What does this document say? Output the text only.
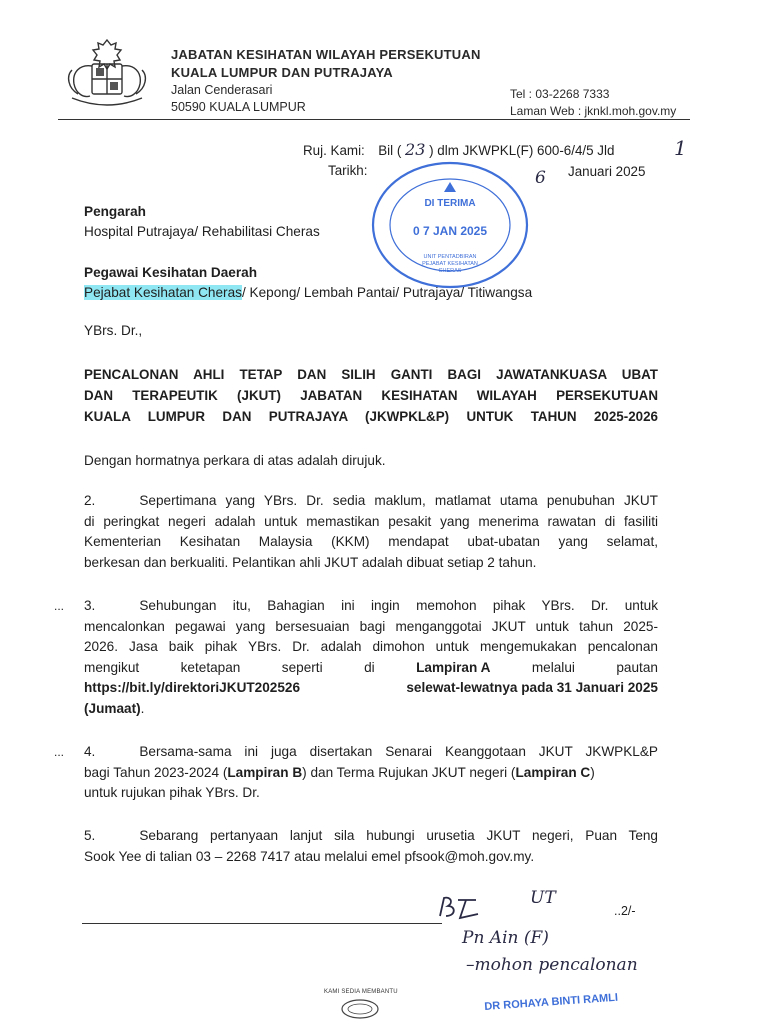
JABATAN KESIHATAN WILAYAH PERSEKUTUAN
KUALA LUMPUR DAN PUTRAJAYA
Jalan Cenderasari
50590 KUALA LUMPUR
Tel : 03-2268 7333
Laman Web : jknkl.moh.gov.my
Ruj. Kami: Bil ( 23 ) dlm JKWPKL(F) 600-6/4/5 Jld	1
Tarikh:	6 Januari 2025
DI TERIMA
0 7 JAN 2025
UNIT PENTADBIRAN
PEJABAT KESIHATAN
CHERAS
Pengarah
Hospital Putrajaya/ Rehabilitasi Cheras
Pegawai Kesihatan Daerah
Pejabat Kesihatan Cheras/ Kepong/ Lembah Pantai/ Putrajaya/ Titiwangsa
YBrs. Dr.,
PENCALONAN AHLI TETAP DAN SILIH GANTI BAGI JAWATANKUASA UBAT
DAN TERAPEUTIK (JKUT) JABATAN KESIHATAN WILAYAH PERSEKUTUAN
KUALA LUMPUR DAN PUTRAJAYA (JKWPKL&P) UNTUK TAHUN 2025-2026
Dengan hormatnya perkara di atas adalah dirujuk.
2.	Sepertimana yang YBrs. Dr. sedia maklum, matlamat utama penubuhan JKUT
di peringkat negeri adalah untuk memastikan pesakit yang menerima rawatan di fasiliti
Kementerian Kesihatan Malaysia (KKM) mendapat ubat-ubatan yang selamat,
berkesan dan berkualiti. Pelantikan ahli JKUT adalah dibuat setiap 2 tahun.
... 3.	Sehubungan itu, Bahagian ini ingin memohon pihak YBrs. Dr. untuk
mencalonkan pegawai yang bersesuaian bagi menganggotai JKUT untuk tahun 2025-
2026. Jasa baik pihak YBrs. Dr. adalah dimohon untuk mengemukakan pencalonan
mengikut	ketetapan	seperti	di	Lampiran A	melalui	pautan
https://bit.ly/direktoriJKUT202526	selewat-lewatnya pada 31 Januari 2025
(Jumaat).
... 4.	Bersama-sama ini juga disertakan Senarai Keanggotaan JKUT JKWPKL&P
bagi Tahun 2023-2024 (Lampiran B) dan Terma Rujukan JKUT negeri (Lampiran C)
untuk rujukan pihak YBrs. Dr.
5.	Sebarang pertanyaan lanjut sila hubungi urusetia JKUT negeri, Puan Teng
Sook Yee di talian 03 – 2268 7417 atau melalui emel pfsook@moh.gov.my.
UT
..2/-
Pn Ain (F)
–mohon pencalonan
KAMI SEDIA MEMBANTU	DR ROHAYA BINTI RAMLI
